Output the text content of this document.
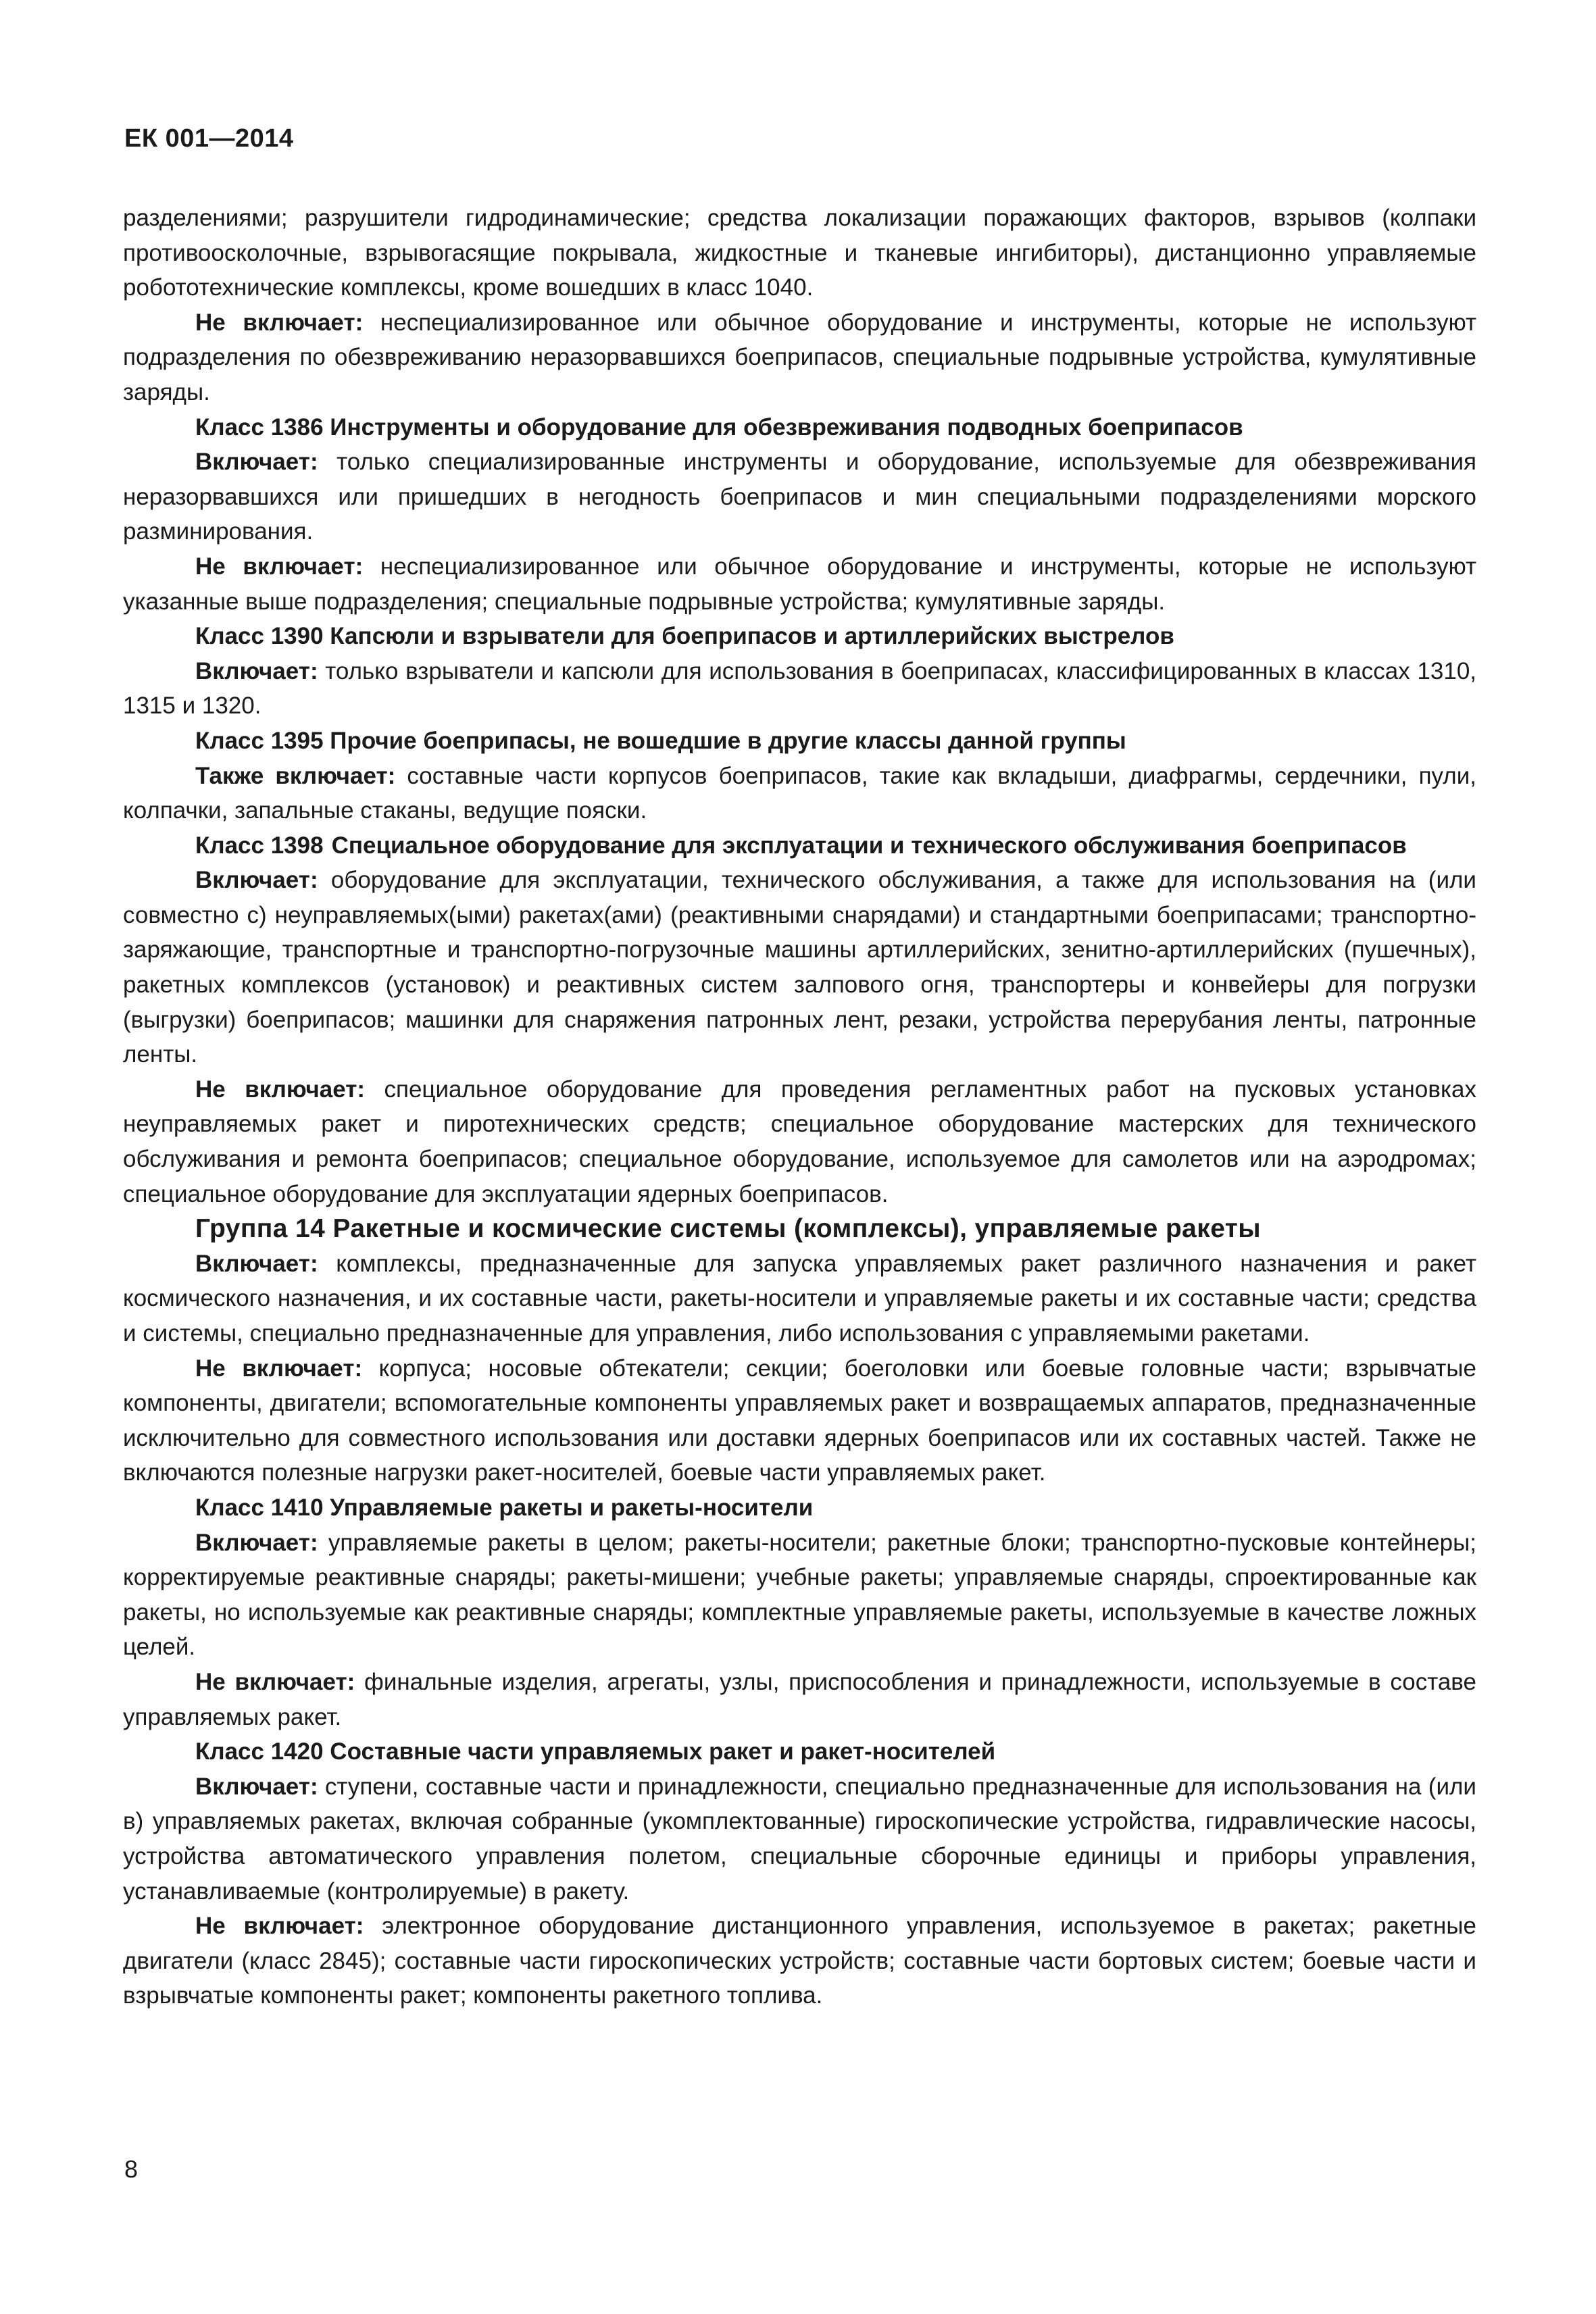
ЕК 001—2014

разделениями; разрушители гидродинамические; средства локализации поражающих факторов, взрывов (колпаки противоосколочные, взрывогасящие покрывала, жидкостные и тканевые ингибиторы), дистанционно управляемые робототехнические комплексы, кроме вошедших в класс 1040.

Не включает: неспециализированное или обычное оборудование и инструменты, которые не используют подразделения по обезвреживанию неразорвавшихся боеприпасов, специальные подрывные устройства, кумулятивные заряды.

Класс 1386 Инструменты и оборудование для обезвреживания подводных боеприпасов

Включает: только специализированные инструменты и оборудование, используемые для обезвреживания неразорвавшихся или пришедших в негодность боеприпасов и мин специальными подразделениями морского разминирования.

Не включает: неспециализированное или обычное оборудование и инструменты, которые не используют указанные выше подразделения; специальные подрывные устройства; кумулятивные заряды.

Класс 1390 Капсюли и взрыватели для боеприпасов и артиллерийских выстрелов

Включает: только взрыватели и капсюли для использования в боеприпасах, классифицированных в классах 1310, 1315 и 1320.

Класс 1395 Прочие боеприпасы, не вошедшие в другие классы данной группы

Также включает: составные части корпусов боеприпасов, такие как вкладыши, диафрагмы, сердечники, пули, колпачки, запальные стаканы, ведущие пояски.

Класс 1398 Специальное оборудование для эксплуатации и технического обслуживания боеприпасов

Включает: оборудование для эксплуатации, технического обслуживания, а также для использования на (или совместно с) неуправляемых(ыми) ракетах(ами) (реактивными снарядами) и стандартными боеприпасами; транспортно-заряжающие, транспортные и транспортно-погрузочные машины артиллерийских, зенитно-артиллерийских (пушечных), ракетных комплексов (установок) и реактивных систем залпового огня, транспортеры и конвейеры для погрузки (выгрузки) боеприпасов; машинки для снаряжения патронных лент, резаки, устройства перерубания ленты, патронные ленты.

Не включает: специальное оборудование для проведения регламентных работ на пусковых установках неуправляемых ракет и пиротехнических средств; специальное оборудование мастерских для технического обслуживания и ремонта боеприпасов; специальное оборудование, используемое для самолетов или на аэродромах; специальное оборудование для эксплуатации ядерных боеприпасов.

Группа 14 Ракетные и космические системы (комплексы), управляемые ракеты

Включает: комплексы, предназначенные для запуска управляемых ракет различного назначения и ракет космического назначения, и их составные части, ракеты-носители и управляемые ракеты и их составные части; средства и системы, специально предназначенные для управления, либо использования с управляемыми ракетами.

Не включает: корпуса; носовые обтекатели; секции; боеголовки или боевые головные части; взрывчатые компоненты, двигатели; вспомогательные компоненты управляемых ракет и возвращаемых аппаратов, предназначенные исключительно для совместного использования или доставки ядерных боеприпасов или их составных частей. Также не включаются полезные нагрузки ракет-носителей, боевые части управляемых ракет.

Класс 1410 Управляемые ракеты и ракеты-носители

Включает: управляемые ракеты в целом; ракеты-носители; ракетные блоки; транспортно-пусковые контейнеры; корректируемые реактивные снаряды; ракеты-мишени; учебные ракеты; управляемые снаряды, спроектированные как ракеты, но используемые как реактивные снаряды; комплектные управляемые ракеты, используемые в качестве ложных целей.

Не включает: финальные изделия, агрегаты, узлы, приспособления и принадлежности, используемые в составе управляемых ракет.

Класс 1420 Составные части управляемых ракет и ракет-носителей

Включает: ступени, составные части и принадлежности, специально предназначенные для использования на (или в) управляемых ракетах, включая собранные (укомплектованные) гироскопические устройства, гидравлические насосы, устройства автоматического управления полетом, специальные сборочные единицы и приборы управления, устанавливаемые (контролируемые) в ракету.

Не включает: электронное оборудование дистанционного управления, используемое в ракетах; ракетные двигатели (класс 2845); составные части гироскопических устройств; составные части бортовых систем; боевые части и взрывчатые компоненты ракет; компоненты ракетного топлива.

8
